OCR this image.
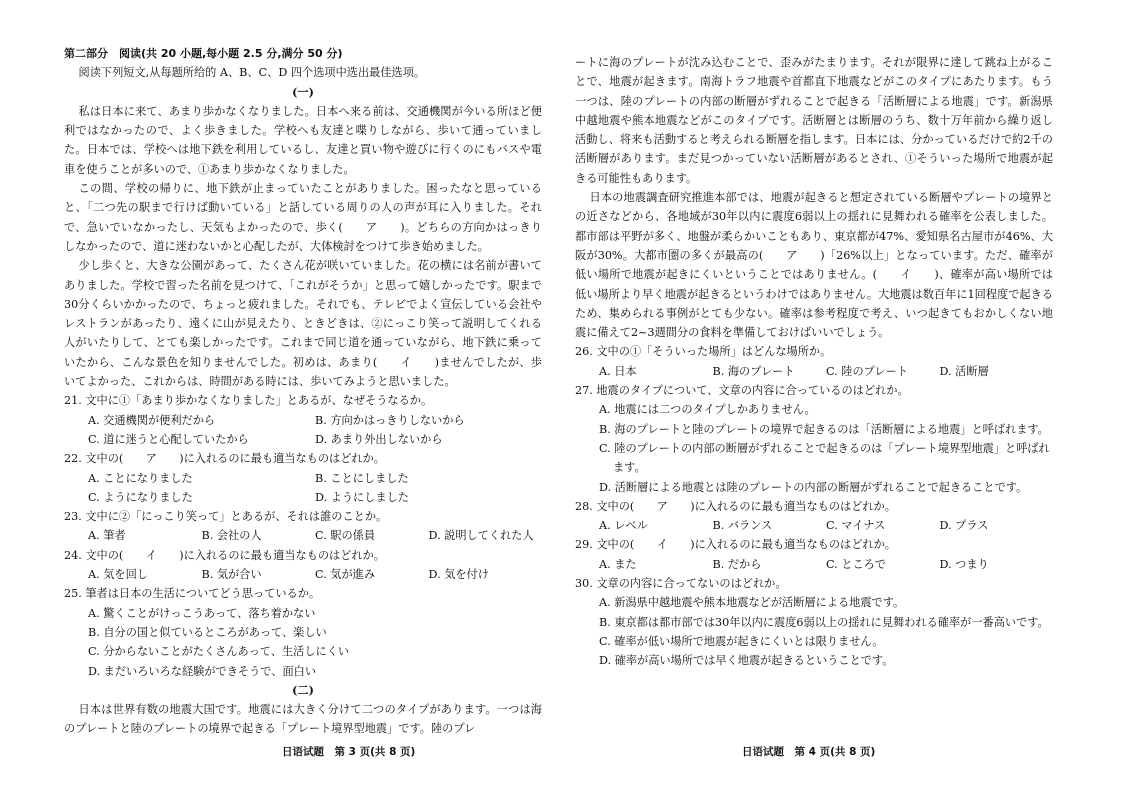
第二部分　阅读(共 20 小题,每小题 2.5 分,满分 50 分)

阅读下列短文,从每题所给的 A、B、C、D 四个选项中选出最佳选项。

(一)

私は日本に来て、あまり歩かなくなりました。日本へ来る前は、交通機関が今いる所ほど便利ではなかったので、よく歩きました。学校へも友達と喋りしながら、歩いて通っていました。日本では、学校へは地下鉄を利用しているし、友達と買い物や遊びに行くのにもバスや電車を使うことが多いので、①あまり歩かなくなりました。

この間、学校の帰りに、地下鉄が止まっていたことがありました。困ったなと思っていると、「二つ先の駅まで行けば動いている」と話している周りの人の声が耳に入りました。それで、急いでいなかったし、天気もよかったので、歩く(　　ア　　)。どちらの方向かはっきりしなかったので、道に迷わないかと心配したが、大体検討をつけて歩き始めました。

少し歩くと、大きな公園があって、たくさん花が咲いていました。花の横には名前が書いてありました。学校で習った名前を見つけて、「これがそうか」と思って嬉しかったです。駅まで30分くらいかかったので、ちょっと疲れました。それでも、テレビでよく宣伝している会社やレストランがあったり、遠くに山が見えたり、ときどきは、②にっこり笑って説明してくれる人がいたりして、とても楽しかったです。これまで同じ道を通っていながら、地下鉄に乗っていたから、こんな景色を知りませんでした。初めは、あまり(　　イ　　)ませんでしたが、歩いてよかった、これからは、時間がある時には、歩いてみようと思いました。

21. 文中に①「あまり歩かなくなりました」とあるが、なぜそうなるか。

A. 交通機関が便利だから	B. 方向かはっきりしないから
C. 道に迷うと心配していたから	D. あまり外出しないから

22. 文中の(　　ア　　)に入れるのに最も適当なものはどれか。

A. ことになりました	B. ことにしました
C. ようになりました	D. ようにしました

23. 文中に②「にっこり笑って」とあるが、それは誰のことか。

A. 筆者	B. 会社の人	C. 駅の係員	D. 説明してくれた人

24. 文中の(　　イ　　)に入れるのに最も適当なものはどれか。

A. 気を回し	B. 気が合い	C. 気が進み	D. 気を付け

25. 筆者は日本の生活についてどう思っているか。

A. 驚くことがけっこうあって、落ち着かない
B. 自分の国と似ているところがあって、楽しい
C. 分からないことがたくさんあって、生活しにくい
D. まだいろいろな経験ができそうで、面白い

(二)

日本は世界有数の地震大国です。地震には大きく分けて二つのタイプがあります。一つは海のプレートと陸のプレートの境界で起きる「プレート境界型地震」です。陸のプレ

ートに海のプレートが沈み込むことで、歪みがたまります。それが限界に達して跳ね上がることで、地震が起きます。南海トラフ地震や首都直下地震などがこのタイプにあたります。もう一つは、陸のプレートの内部の断層がずれることで起きる「活断層による地震」です。新潟県中越地震や熊本地震などがこのタイプです。活断層とは断層のうち、数十万年前から繰り返し活動し、将来も活動すると考えられる断層を指します。日本には、分かっているだけで約2千の活断層があります。まだ見つかっていない活断層があるとされ、①そういった場所で地震が起きる可能性もあります。

日本の地震調査研究推進本部では、地震が起きると想定されている断層やプレートの境界との近さなどから、各地域が30年以内に震度6弱以上の揺れに見舞われる確率を公表しました。都市部は平野が多く、地盤が柔らかいこともあり、東京都が47%、愛知県名古屋市が46%、大阪が30%。大都市圏の多くが最高の(　　ア　　)「26%以上」となっています。ただ、確率が低い場所で地震が起きにくいということではありません。(　　イ　　)、確率が高い場所では低い場所より早く地震が起きるというわけではありません。大地震は数百年に1回程度で起きるため、集められる事例がとても少ない。確率は参考程度で考え、いつ起きてもおかしくない地震に備えて2~3週間分の食料を準備しておけばいいでしょう。

26. 文中の①「そういった場所」はどんな場所か。

A. 日本	B. 海のプレート	C. 陸のプレート	D. 活断層

27. 地震のタイプについて、文章の内容に合っているのはどれか。

A. 地震には二つのタイプしかありません。
B. 海のプレートと陸のプレートの境界で起きるのは「活断層による地震」と呼ばれます。
C. 陸のプレートの内部の断層がずれることで起きるのは「プレート境界型地震」と呼ばれます。
D. 活断層による地震とは陸のプレートの内部の断層がずれることで起きることです。

28. 文中の(　　ア　　)に入れるのに最も適当なものはどれか。

A. レベル	B. バランス	C. マイナス	D. プラス

29. 文中の(　　イ　　)に入れるのに最も適当なものはどれか。

A. また	B. だから	C. ところで	D. つまり

30. 文章の内容に合ってないのはどれか。

A. 新潟県中越地震や熊本地震などが活断層による地震です。
B. 東京都は都市部では30年以内に震度6弱以上の揺れに見舞われる確率が一番高いです。
C. 確率が低い場所で地震が起きにくいとは限りません。
D. 確率が高い場所では早く地震が起きるということです。
日语试题　第 3 页(共 8 页)	日语试题　第 4 页(共 8 页)
